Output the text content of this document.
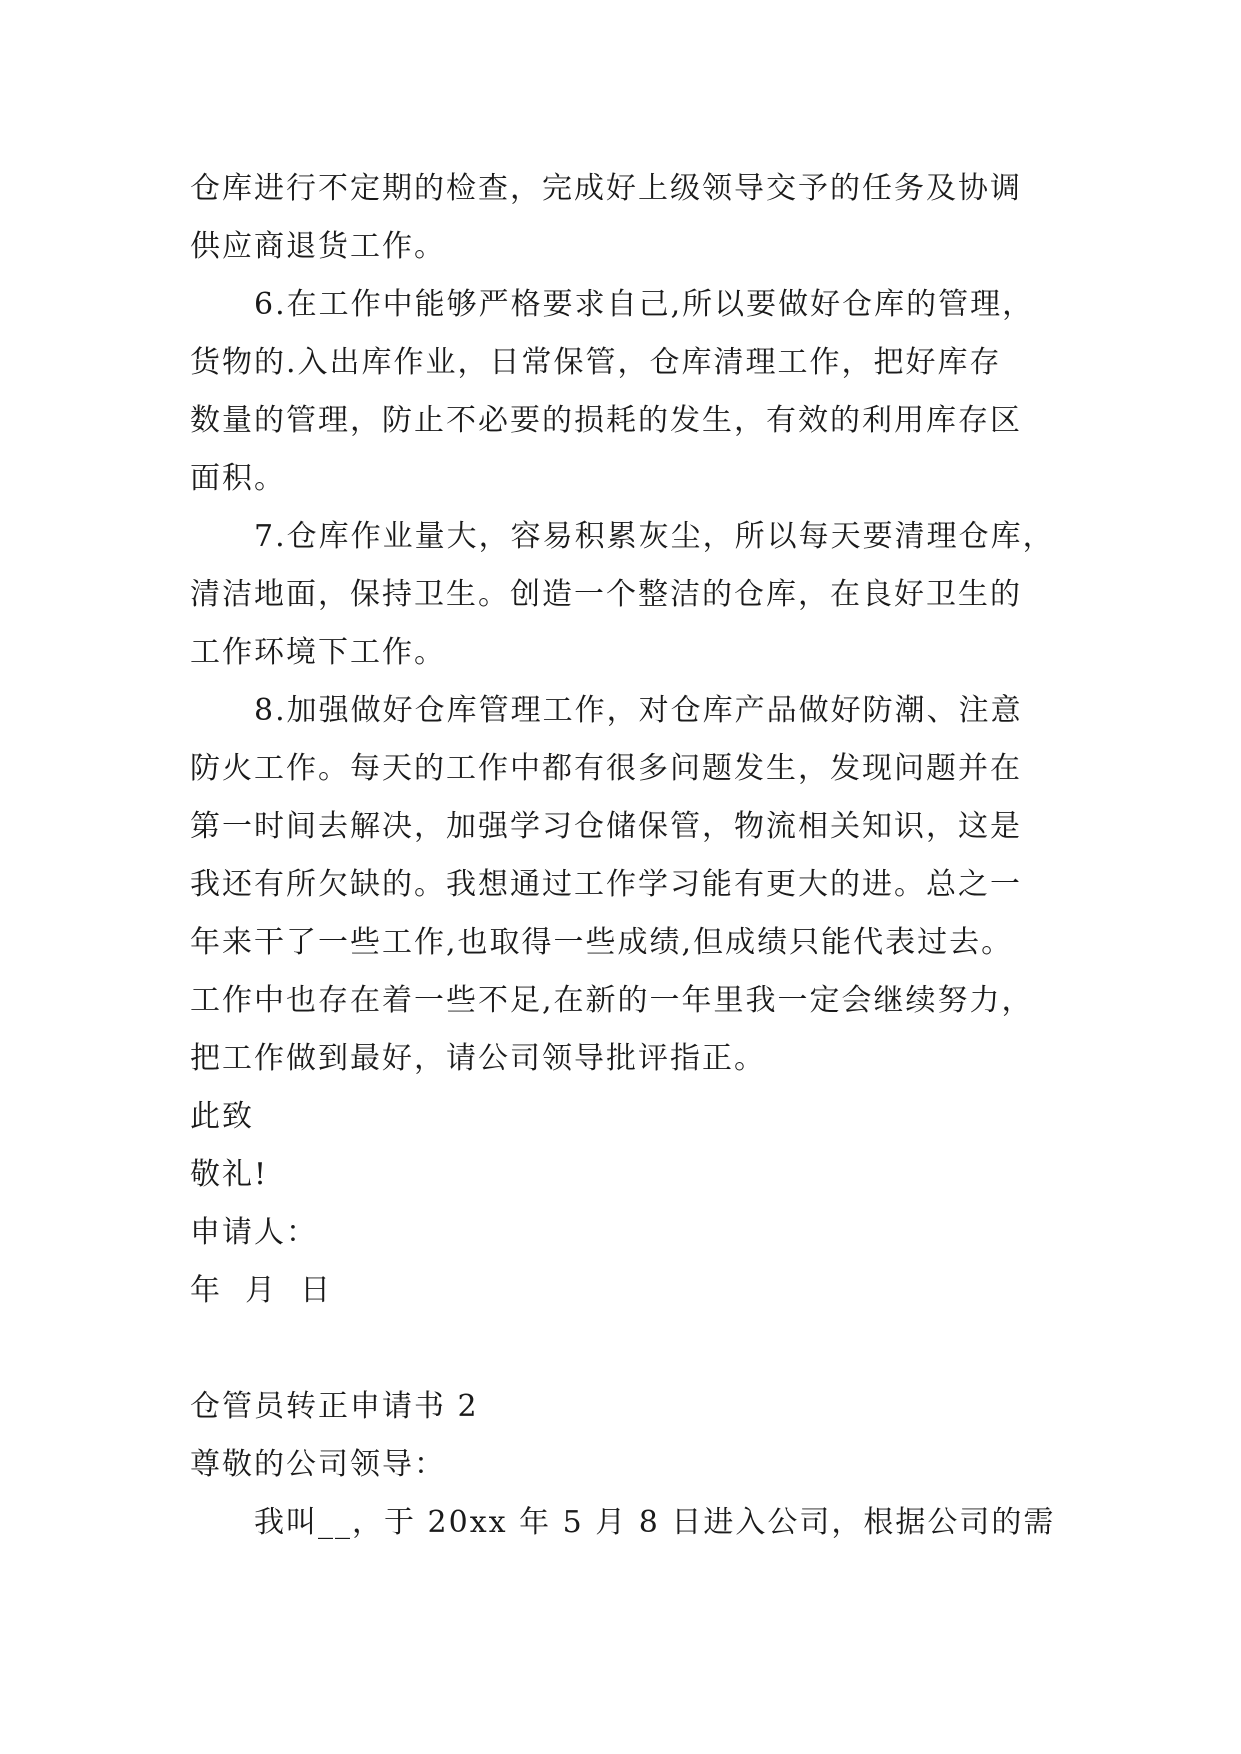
仓库进行不定期的检查，完成好上级领导交予的任务及协调
供应商退货工作。
6.在工作中能够严格要求自己,所以要做好仓库的管理，
货物的.入出库作业，日常保管，仓库清理工作，把好库存
数量的管理，防止不必要的损耗的发生，有效的利用库存区
面积。
7.仓库作业量大，容易积累灰尘，所以每天要清理仓库，
清洁地面，保持卫生。创造一个整洁的仓库，在良好卫生的
工作环境下工作。
8.加强做好仓库管理工作，对仓库产品做好防潮、注意
防火工作。每天的工作中都有很多问题发生，发现问题并在
第一时间去解决，加强学习仓储保管，物流相关知识，这是
我还有所欠缺的。我想通过工作学习能有更大的进。总之一
年来干了一些工作,也取得一些成绩,但成绩只能代表过去。
工作中也存在着一些不足,在新的一年里我一定会继续努力，
把工作做到最好，请公司领导批评指正。
此致
敬礼!
申请人：
年  月  日
仓管员转正申请书 2
尊敬的公司领导：
我叫__，于 20xx 年 5 月 8 日进入公司，根据公司的需
